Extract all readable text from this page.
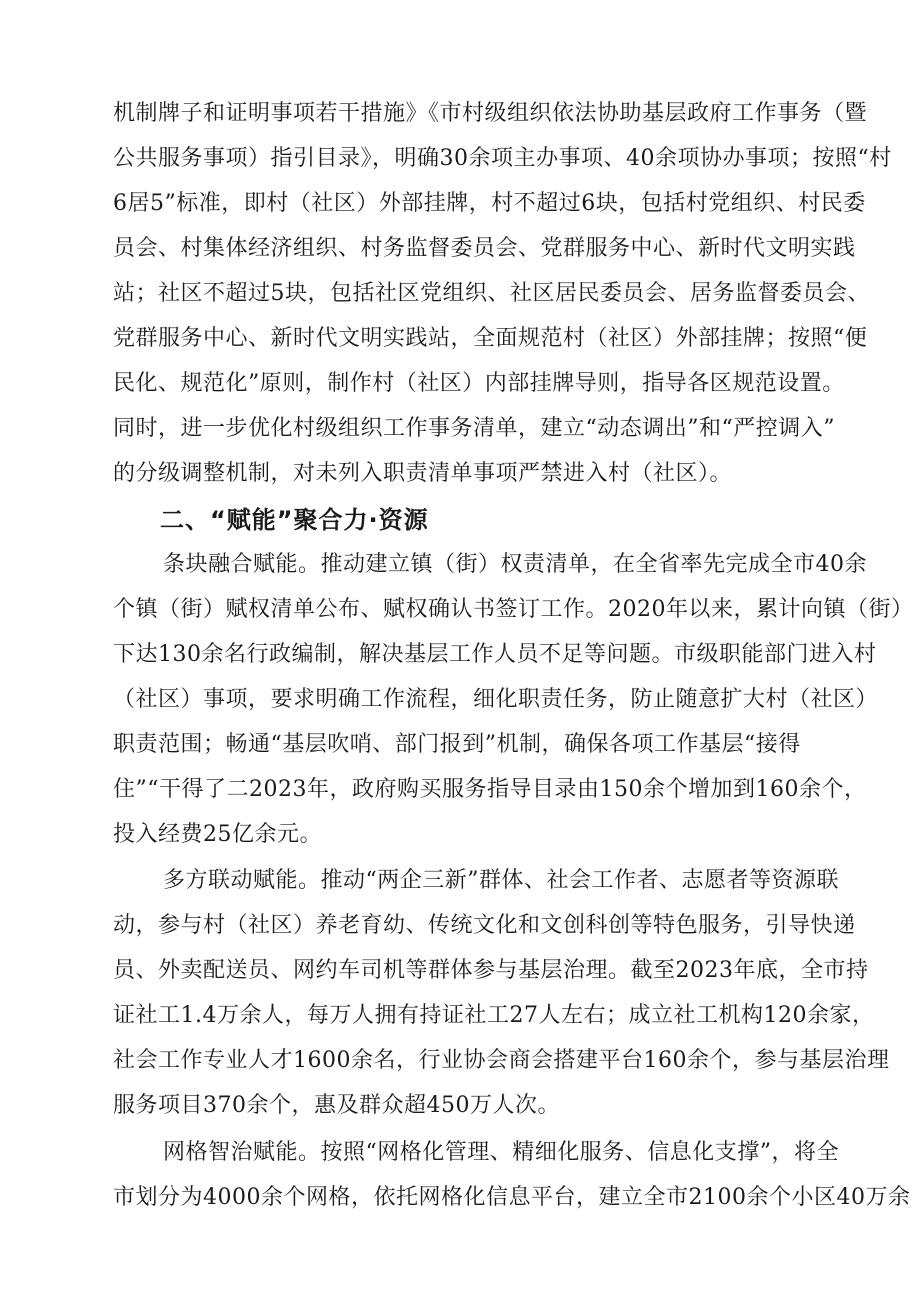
机制牌子和证明事项若干措施》《市村级组织依法协助基层政府工作事务（暨
公共服务事项）指引目录》，明确30余项主办事项、40余项协办事项；按照“村
6居5”标准，即村（社区）外部挂牌，村不超过6块，包括村党组织、村民委
员会、村集体经济组织、村务监督委员会、党群服务中心、新时代文明实践
站；社区不超过5块，包括社区党组织、社区居民委员会、居务监督委员会、
党群服务中心、新时代文明实践站，全面规范村（社区）外部挂牌；按照“便
民化、规范化”原则，制作村（社区）内部挂牌导则，指导各区规范设置。
同时，进一步优化村级组织工作事务清单，建立“动态调出”和“严控调入”
的分级调整机制，对未列入职责清单事项严禁进入村（社区）。
二、“赋能”聚合力·资源
条块融合赋能。推动建立镇（街）权责清单，在全省率先完成全市40余
个镇（街）赋权清单公布、赋权确认书签订工作。2020年以来，累计向镇（街）
下达130余名行政编制，解决基层工作人员不足等问题。市级职能部门进入村
（社区）事项，要求明确工作流程，细化职责任务，防止随意扩大村（社区）
职责范围；畅通“基层吹哨、部门报到”机制，确保各项工作基层“接得
住”“干得了二2023年，政府购买服务指导目录由150余个增加到160余个，
投入经费25亿余元。
多方联动赋能。推动“两企三新”群体、社会工作者、志愿者等资源联
动，参与村（社区）养老育幼、传统文化和文创科创等特色服务，引导快递
员、外卖配送员、网约车司机等群体参与基层治理。截至2023年底，全市持
证社工1.4万余人，每万人拥有持证社工27人左右；成立社工机构120余家，
社会工作专业人才1600余名，行业协会商会搭建平台160余个，参与基层治理
服务项目370余个，惠及群众超450万人次。
网格智治赋能。按照“网格化管理、精细化服务、信息化支撑”，将全
市划分为4000余个网格，依托网格化信息平台，建立全市2100余个小区40万余
